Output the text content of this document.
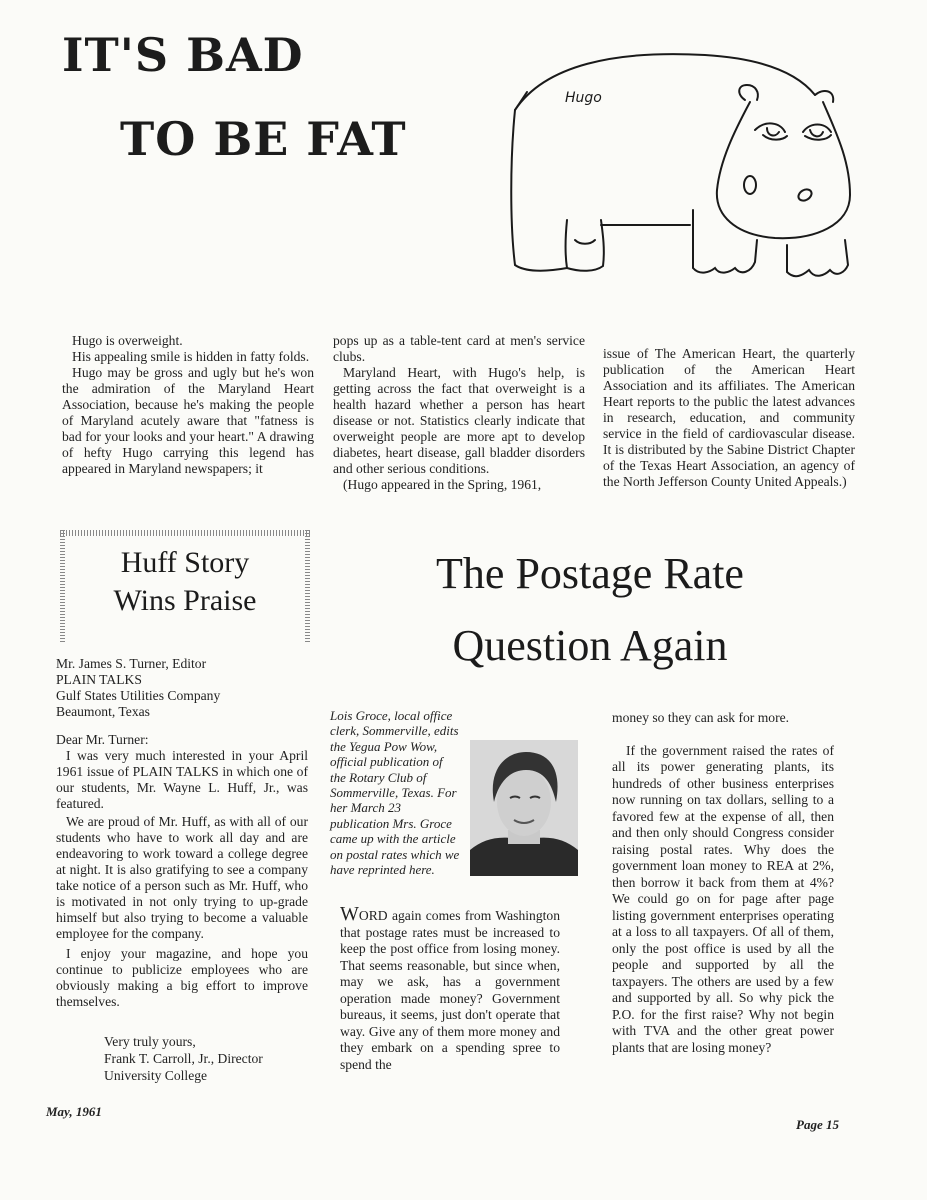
IT'S BAD
TO BE FAT
Hugo

Hugo is overweight.

His appealing smile is hidden in fatty folds.

Hugo may be gross and ugly but he's won the admiration of the Maryland Heart Association, because he's making the people of Maryland acutely aware that "fatness is bad for your looks and your heart." A drawing of hefty Hugo carrying this legend has appeared in Maryland newspapers; it

pops up as a table-tent card at men's service clubs.

Maryland Heart, with Hugo's help, is getting across the fact that overweight is a health hazard whether a person has heart disease or not. Statistics clearly indicate that overweight people are more apt to develop diabetes, heart disease, gall bladder disorders and other serious conditions.

(Hugo appeared in the Spring, 1961,

issue of The American Heart, the quarterly publication of the American Heart Association and its affiliates. The American Heart reports to the public the latest advances in research, education, and community service in the field of cardiovascular disease. It is distributed by the Sabine District Chapter of the Texas Heart Association, an agency of the North Jefferson County United Appeals.)

Huff Story
Wins Praise
The Postage Rate
Question Again
Mr. James S. Turner, Editor
PLAIN TALKS
Gulf States Utilities Company
Beaumont, Texas
Dear Mr. Turner:

I was very much interested in your April 1961 issue of PLAIN TALKS in which one of our students, Mr. Wayne L. Huff, Jr., was featured.

We are proud of Mr. Huff, as with all of our students who have to work all day and are endeavoring to work toward a college degree at night. It is also gratifying to see a company take notice of a person such as Mr. Huff, who is motivated in not only trying to up-grade himself but also trying to become a valuable employee for the company.

I enjoy your magazine, and hope you continue to publicize employees who are obviously making a big effort to improve themselves.

Very truly yours,
Frank T. Carroll, Jr., Director
University College
Lois Groce, local office clerk, Sommerville, edits the Yegua Pow Wow, official publication of the Rotary Club of Sommerville, Texas. For her March 23 publication Mrs. Groce came up with the article on postal rates which we have reprinted here.
WORD again comes from Washington that postage rates must be increased to keep the post office from losing money. That seems reasonable, but since when, may we ask, has a government operation made money? Government bureaus, it seems, just don't operate that way. Give any of them more money and they embark on a spending spree to spend the

money so they can ask for more.

If the government raised the rates of all its power generating plants, its hundreds of other business enterprises now running on tax dollars, selling to a favored few at the expense of all, then and then only should Congress consider raising postal rates. Why does the government loan money to REA at 2%, then borrow it back from them at 4%? We could go on for page after page listing government enterprises operating at a loss to all taxpayers. Of all of them, only the post office is used by all the people and supported by all the taxpayers. The others are used by a few and supported by all. So why pick the P.O. for the first raise? Why not begin with TVA and the other great power plants that are losing money?

May, 1961
Page 15
